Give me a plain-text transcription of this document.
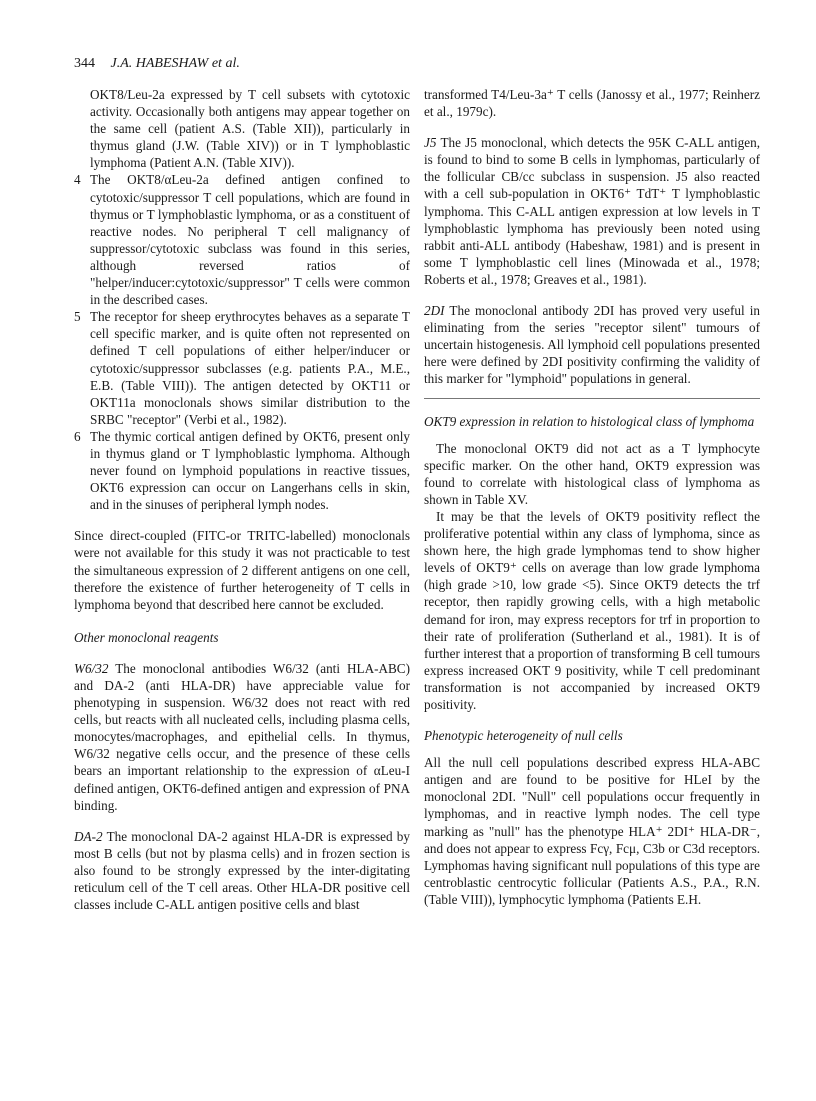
344 J.A. HABESHAW et al.

OKT8/Leu-2a expressed by T cell subsets with cytotoxic activity. Occasionally both antigens may appear together on the same cell (patient A.S. (Table XII)), particularly in thymus gland (J.W. (Table XIV)) or in T lymphoblastic lymphoma (Patient A.N. (Table XIV)).

4 The OKT8/αLeu-2a defined antigen confined to cytotoxic/suppressor T cell populations, which are found in thymus or T lymphoblastic lymphoma, or as a constituent of reactive nodes. No peripheral T cell malignancy of suppressor/cytotoxic subclass was found in this series, although reversed ratios of "helper/inducer:cytotoxic/suppressor" T cells were common in the described cases.
5 The receptor for sheep erythrocytes behaves as a separate T cell specific marker, and is quite often not represented on defined T cell populations of either helper/inducer or cytotoxic/suppressor subclasses (e.g. patients P.A., M.E., E.B. (Table VIII)). The antigen detected by OKT11 or OKT11a monoclonals shows similar distribution to the SRBC "receptor" (Verbi et al., 1982).
6 The thymic cortical antigen defined by OKT6, present only in thymus gland or T lymphoblastic lymphoma. Although never found on lymphoid populations in reactive tissues, OKT6 expression can occur on Langerhans cells in skin, and in the sinuses of peripheral lymph nodes.

Since direct-coupled (FITC-or TRITC-labelled) monoclonals were not available for this study it was not practicable to test the simultaneous expression of 2 different antigens on one cell, therefore the existence of further heterogeneity of T cells in lymphoma beyond that described here cannot be excluded.

Other monoclonal reagents

W6/32 The monoclonal antibodies W6/32 (anti HLA-ABC) and DA-2 (anti HLA-DR) have appreciable value for phenotyping in suspension. W6/32 does not react with red cells, but reacts with all nucleated cells, including plasma cells, monocytes/macrophages, and epithelial cells. In thymus, W6/32 negative cells occur, and the presence of these cells bears an important relationship to the expression of αLeu-I defined antigen, OKT6-defined antigen and expression of PNA binding.

DA-2 The monoclonal DA-2 against HLA-DR is expressed by most B cells (but not by plasma cells) and in frozen section is also found to be strongly expressed by the inter-digitating reticulum cell of the T cell areas. Other HLA-DR positive cell classes include C-ALL antigen positive cells and blast

transformed T4/Leu-3a⁺ T cells (Janossy et al., 1977; Reinherz et al., 1979c).

J5 The J5 monoclonal, which detects the 95K C-ALL antigen, is found to bind to some B cells in lymphomas, particularly of the follicular CB/cc subclass in suspension. J5 also reacted with a cell sub-population in OKT6⁺ TdT⁺ T lymphoblastic lymphoma. This C-ALL antigen expression at low levels in T lymphoblastic lymphoma has previously been noted using rabbit anti-ALL antibody (Habeshaw, 1981) and is present in some T lymphoblastic cell lines (Minowada et al., 1978; Roberts et al., 1978; Greaves et al., 1981).

2DI The monoclonal antibody 2DI has proved very useful in eliminating from the series "receptor silent" tumours of uncertain histogenesis. All lymphoid cell populations presented here were defined by 2DI positivity confirming the validity of this marker for "lymphoid" populations in general.

OKT9 expression in relation to histological class of lymphoma

The monoclonal OKT9 did not act as a T lymphocyte specific marker. On the other hand, OKT9 expression was found to correlate with histological class of lymphoma as shown in Table XV.

It may be that the levels of OKT9 positivity reflect the proliferative potential within any class of lymphoma, since as shown here, the high grade lymphomas tend to show higher levels of OKT9⁺ cells on average than low grade lymphoma (high grade >10, low grade <5). Since OKT9 detects the trf receptor, then rapidly growing cells, with a high metabolic demand for iron, may express receptors for trf in proportion to their rate of proliferation (Sutherland et al., 1981). It is of further interest that a proportion of transforming B cell tumours express increased OKT 9 positivity, while T cell predominant transformation is not accompanied by increased OKT9 positivity.

Phenotypic heterogeneity of null cells

All the null cell populations described express HLA-ABC antigen and are found to be positive for HLeI by the monoclonal 2DI. "Null" cell populations occur frequently in lymphomas, and in reactive lymph nodes. The cell type marking as "null" has the phenotype HLA⁺ 2DI⁺ HLA-DR⁻, and does not appear to express Fcγ, Fcμ, C3b or C3d receptors. Lymphomas having significant null populations of this type are centroblastic centrocytic follicular (Patients A.S., P.A., R.N. (Table VIII)), lymphocytic lymphoma (Patients E.H.
